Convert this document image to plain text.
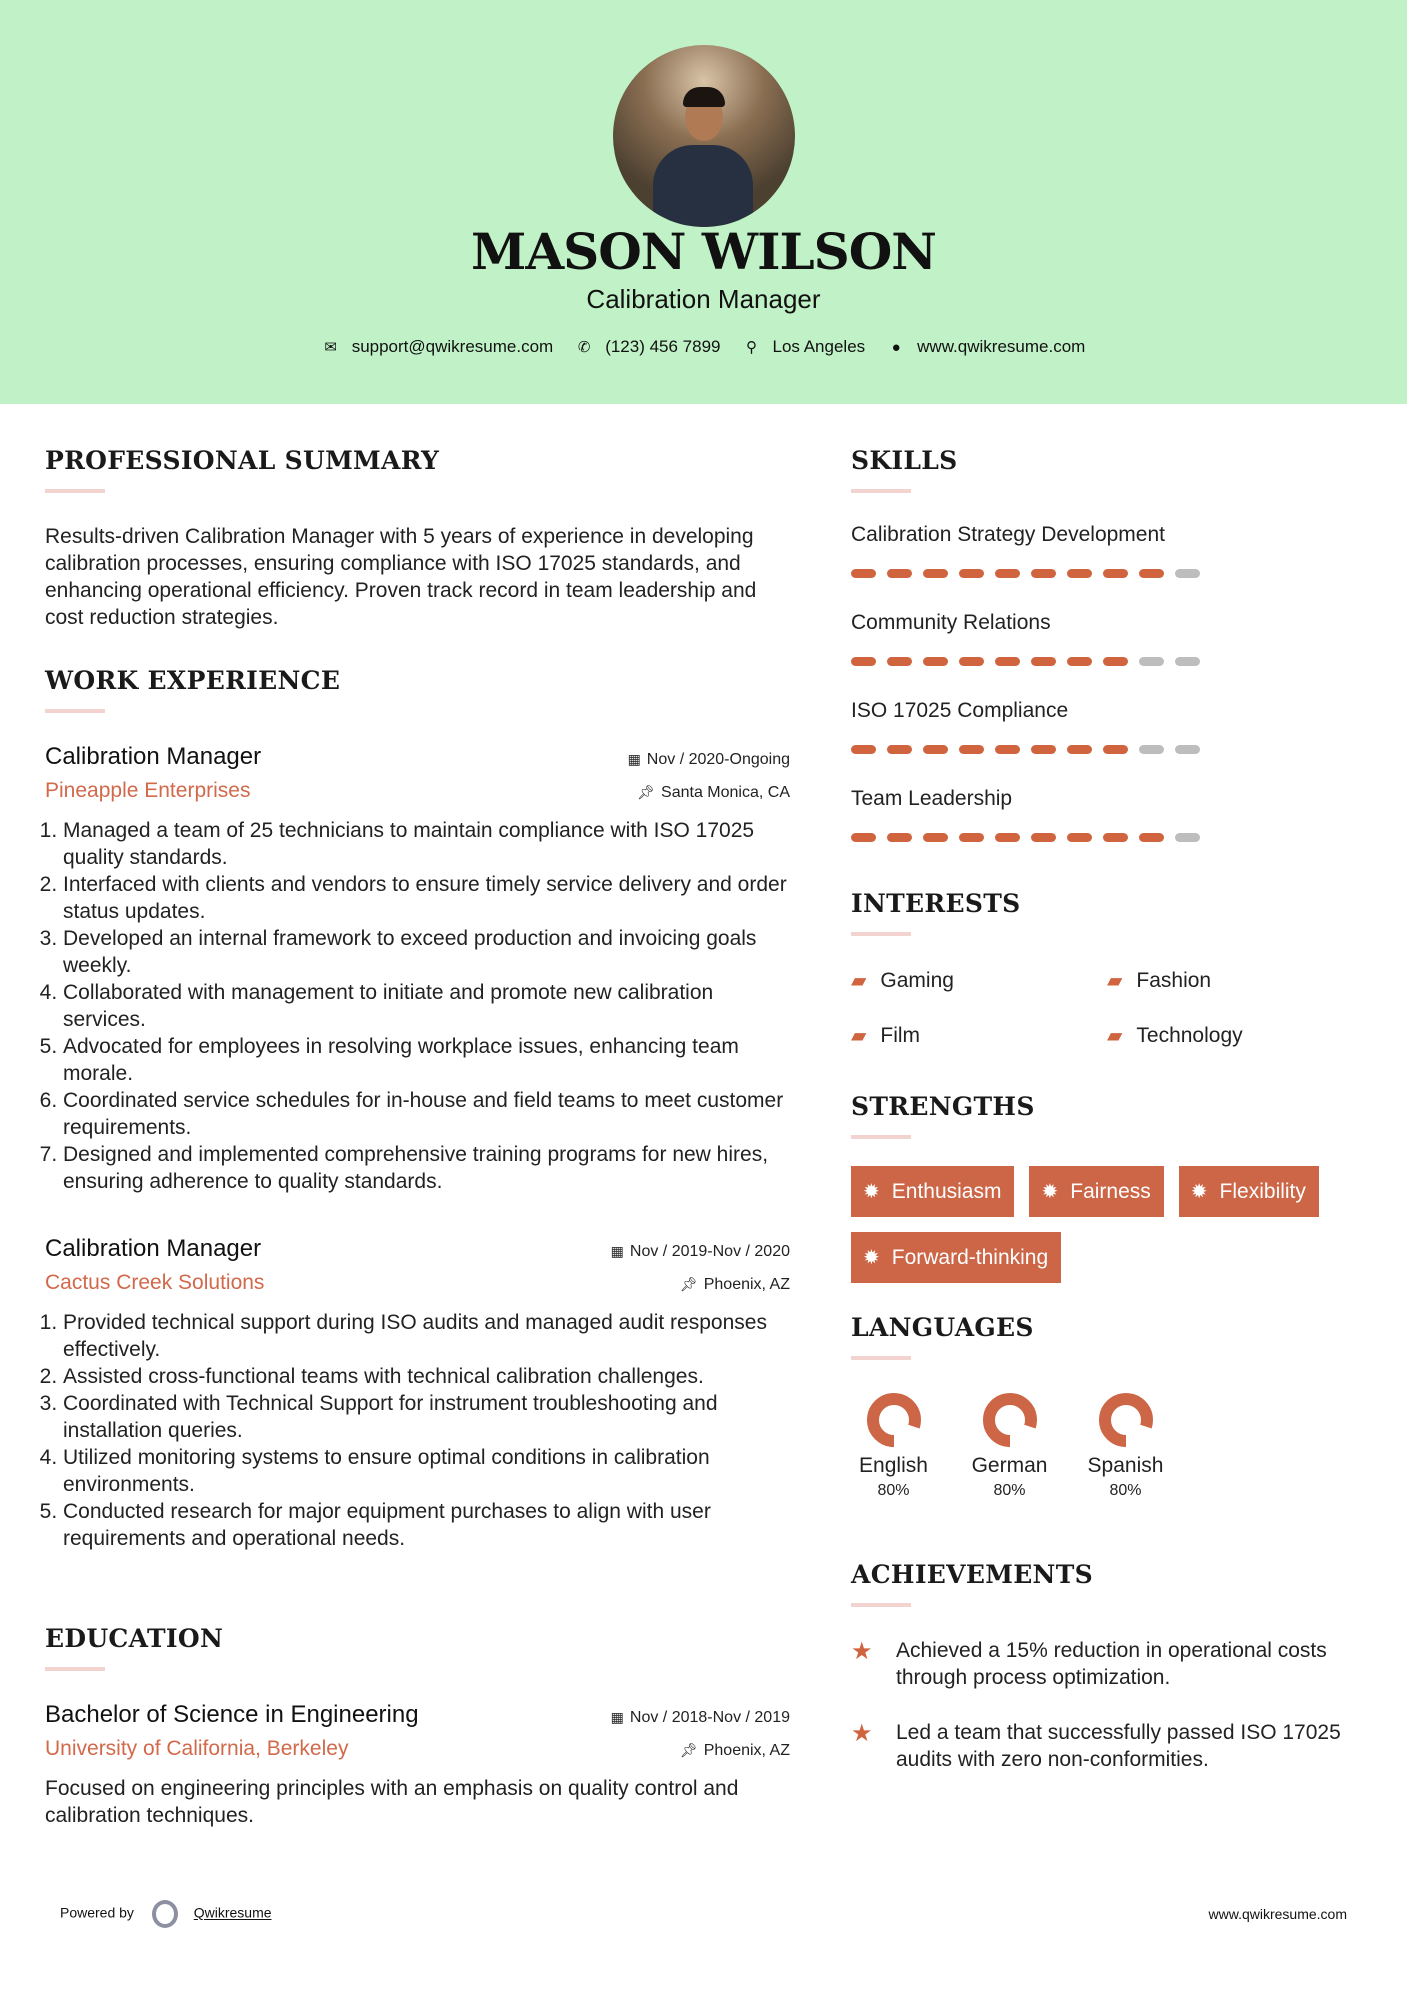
MASON WILSON
Calibration Manager
✉ support@qwikresume.com ✆ (123) 456 7899 ⚲ Los Angeles ● www.qwikresume.com
PROFESSIONAL SUMMARY
Results-driven Calibration Manager with 5 years of experience in developing calibration processes, ensuring compliance with ISO 17025 standards, and enhancing operational efficiency. Proven track record in team leadership and cost reduction strategies.
WORK EXPERIENCE
Calibration Manager	▦ Nov / 2020-Ongoing
Pineapple Enterprises	📌︎ Santa Monica, CA
1. Managed a team of 25 technicians to maintain compliance with ISO 17025 quality standards.
2. Interfaced with clients and vendors to ensure timely service delivery and order status updates.
3. Developed an internal framework to exceed production and invoicing goals weekly.
4. Collaborated with management to initiate and promote new calibration services.
5. Advocated for employees in resolving workplace issues, enhancing team morale.
6. Coordinated service schedules for in-house and field teams to meet customer requirements.
7. Designed and implemented comprehensive training programs for new hires, ensuring adherence to quality standards.
Calibration Manager	▦ Nov / 2019-Nov / 2020
Cactus Creek Solutions	📌︎ Phoenix, AZ
1. Provided technical support during ISO audits and managed audit responses effectively.
2. Assisted cross-functional teams with technical calibration challenges.
3. Coordinated with Technical Support for instrument troubleshooting and installation queries.
4. Utilized monitoring systems to ensure optimal conditions in calibration environments.
5. Conducted research for major equipment purchases to align with user requirements and operational needs.
EDUCATION
Bachelor of Science in Engineering	▦ Nov / 2018-Nov / 2019
University of California, Berkeley	📌︎ Phoenix, AZ
Focused on engineering principles with an emphasis on quality control and calibration techniques.
SKILLS
Calibration Strategy Development
Community Relations
ISO 17025 Compliance
Team Leadership
INTERESTS
▰ Gaming	▰ Fashion
▰ Film	▰ Technology
STRENGTHS
✹ Enthusiasm ✹ Fairness ✹ Flexibility
✹ Forward-thinking
LANGUAGES
English
80%
German
80%
Spanish
80%
ACHIEVEMENTS
★	Achieved a 15% reduction in operational costs through process optimization.
★	Led a team that successfully passed ISO 17025 audits with zero non-conformities.
Powered by	Qwikresume	www.qwikresume.com
